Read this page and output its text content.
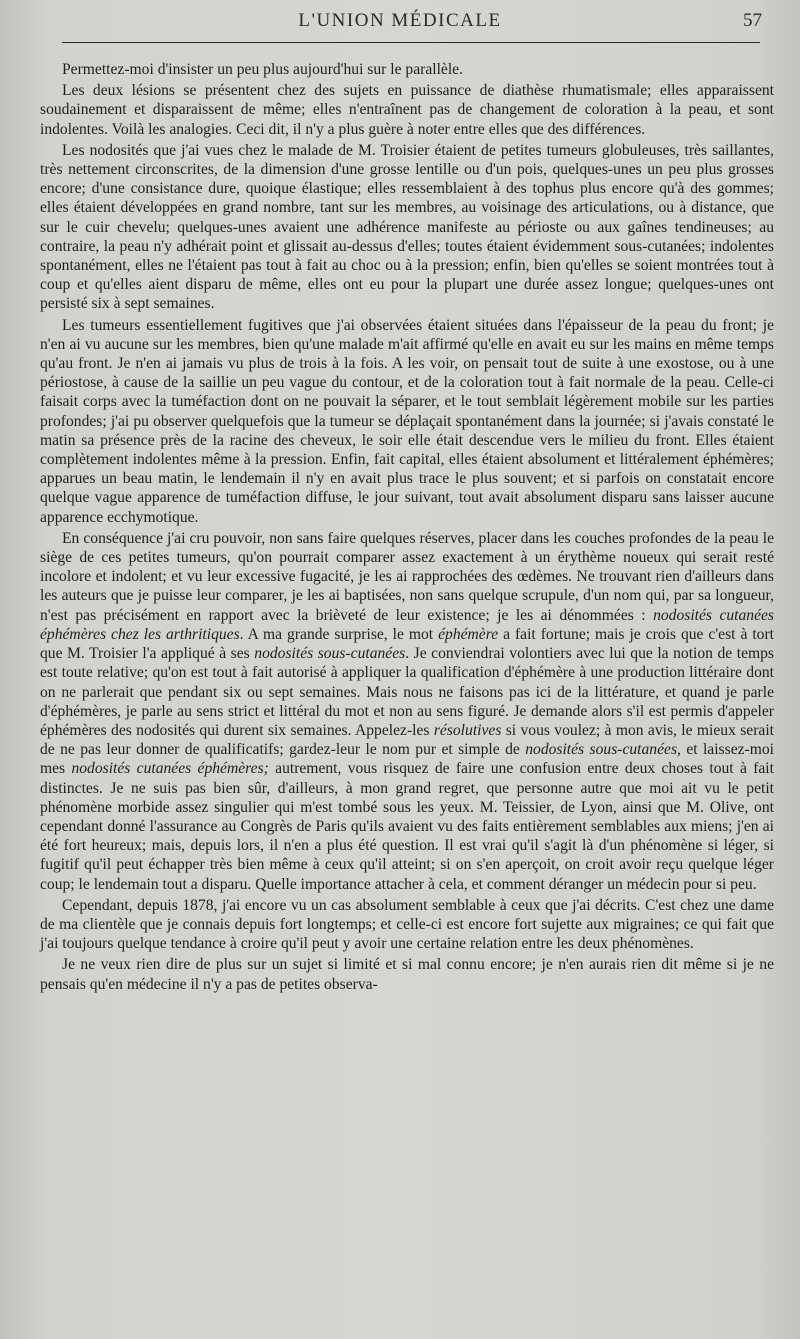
L'UNION MÉDICALE	57

Permettez-moi d'insister un peu plus aujourd'hui sur le parallèle.

Les deux lésions se présentent chez des sujets en puissance de diathèse rhumatismale; elles apparaissent soudainement et disparaissent de même; elles n'entraînent pas de changement de coloration à la peau, et sont indolentes. Voilà les analogies. Ceci dit, il n'y a plus guère à noter entre elles que des différences.

Les nodosités que j'ai vues chez le malade de M. Troisier étaient de petites tumeurs globuleuses, très saillantes, très nettement circonscrites, de la dimension d'une grosse lentille ou d'un pois, quelques-unes un peu plus grosses encore; d'une consistance dure, quoique élastique; elles ressemblaient à des tophus plus encore qu'à des gommes; elles étaient développées en grand nombre, tant sur les membres, au voisinage des articulations, ou à distance, que sur le cuir chevelu; quelques-unes avaient une adhérence manifeste au périoste ou aux gaînes tendineuses; au contraire, la peau n'y adhérait point et glissait au-dessus d'elles; toutes étaient évidemment sous-cutanées; indolentes spontanément, elles ne l'étaient pas tout à fait au choc ou à la pression; enfin, bien qu'elles se soient montrées tout à coup et qu'elles aient disparu de même, elles ont eu pour la plupart une durée assez longue; quelques-unes ont persisté six à sept semaines.

Les tumeurs essentiellement fugitives que j'ai observées étaient situées dans l'épaisseur de la peau du front; je n'en ai vu aucune sur les membres, bien qu'une malade m'ait affirmé qu'elle en avait eu sur les mains en même temps qu'au front. Je n'en ai jamais vu plus de trois à la fois. A les voir, on pensait tout de suite à une exostose, ou à une périostose, à cause de la saillie un peu vague du contour, et de la coloration tout à fait normale de la peau. Celle-ci faisait corps avec la tuméfaction dont on ne pouvait la séparer, et le tout semblait légèrement mobile sur les parties profondes; j'ai pu observer quelquefois que la tumeur se déplaçait spontanément dans la journée; si j'avais constaté le matin sa présence près de la racine des cheveux, le soir elle était descendue vers le milieu du front. Elles étaient complètement indolentes même à la pression. Enfin, fait capital, elles étaient absolument et littéralement éphémères; apparues un beau matin, le lendemain il n'y en avait plus trace le plus souvent; et si parfois on constatait encore quelque vague apparence de tuméfaction diffuse, le jour suivant, tout avait absolument disparu sans laisser aucune apparence ecchymotique.

En conséquence j'ai cru pouvoir, non sans faire quelques réserves, placer dans les couches profondes de la peau le siège de ces petites tumeurs, qu'on pourrait comparer assez exactement à un érythème noueux qui serait resté incolore et indolent; et vu leur excessive fugacité, je les ai rapprochées des œdèmes. Ne trouvant rien d'ailleurs dans les auteurs que je puisse leur comparer, je les ai baptisées, non sans quelque scrupule, d'un nom qui, par sa longueur, n'est pas précisément en rapport avec la brièveté de leur existence; je les ai dénommées : nodosités cutanées éphémères chez les arthritiques. A ma grande surprise, le mot éphémère a fait fortune; mais je crois que c'est à tort que M. Troisier l'a appliqué à ses nodosités sous-cutanées. Je conviendrai volontiers avec lui que la notion de temps est toute relative; qu'on est tout à fait autorisé à appliquer la qualification d'éphémère à une production littéraire dont on ne parlerait que pendant six ou sept semaines. Mais nous ne faisons pas ici de la littérature, et quand je parle d'éphémères, je parle au sens strict et littéral du mot et non au sens figuré. Je demande alors s'il est permis d'appeler éphémères des nodosités qui durent six semaines. Appelez-les résolutives si vous voulez; à mon avis, le mieux serait de ne pas leur donner de qualificatifs; gardez-leur le nom pur et simple de nodosités sous-cutanées, et laissez-moi mes nodosités cutanées éphémères; autrement, vous risquez de faire une confusion entre deux choses tout à fait distinctes. Je ne suis pas bien sûr, d'ailleurs, à mon grand regret, que personne autre que moi ait vu le petit phénomène morbide assez singulier qui m'est tombé sous les yeux. M. Teissier, de Lyon, ainsi que M. Olive, ont cependant donné l'assurance au Congrès de Paris qu'ils avaient vu des faits entièrement semblables aux miens; j'en ai été fort heureux; mais, depuis lors, il n'en a plus été question. Il est vrai qu'il s'agit là d'un phénomène si léger, si fugitif qu'il peut échapper très bien même à ceux qu'il atteint; si on s'en aperçoit, on croit avoir reçu quelque léger coup; le lendemain tout a disparu. Quelle importance attacher à cela, et comment déranger un médecin pour si peu.

Cependant, depuis 1878, j'ai encore vu un cas absolument semblable à ceux que j'ai décrits. C'est chez une dame de ma clientèle que je connais depuis fort longtemps; et celle-ci est encore fort sujette aux migraines; ce qui fait que j'ai toujours quelque tendance à croire qu'il peut y avoir une certaine relation entre les deux phénomènes.

Je ne veux rien dire de plus sur un sujet si limité et si mal connu encore; je n'en aurais rien dit même si je ne pensais qu'en médecine il n'y a pas de petites observa-
